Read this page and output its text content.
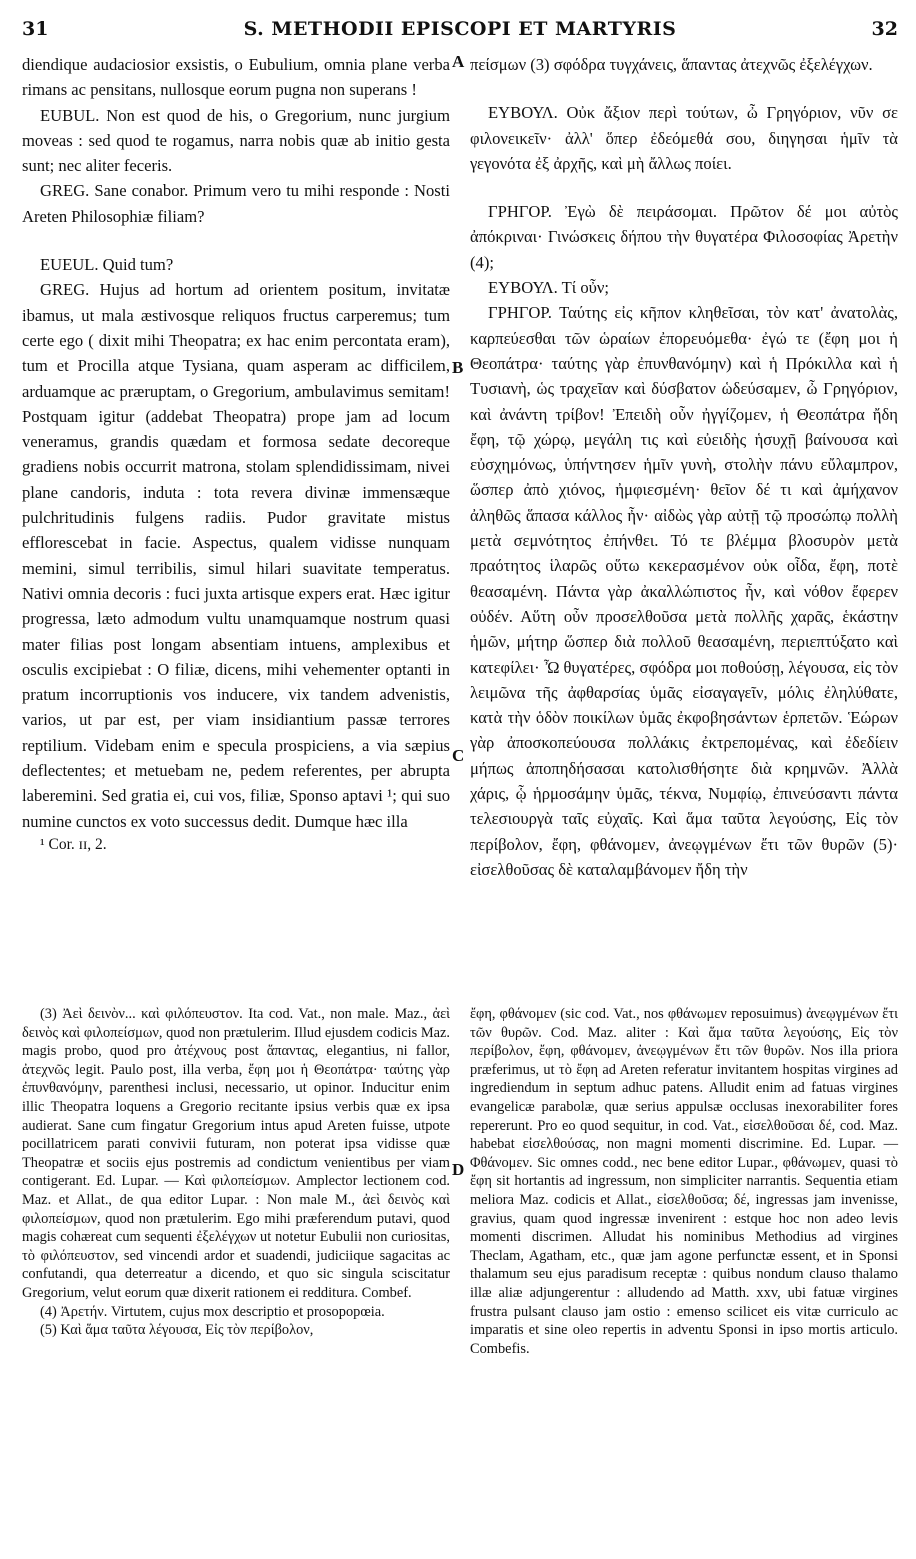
31	S. METHODII EPISCOPI ET MARTYRIS	32

diendique audaciosior exsistis, o Eubulium, omnia plane verba rimans ac pensitans, nullosque eorum pugna non superans !

EUBUL. Non est quod de his, o Gregorium, nunc jurgium moveas : sed quod te rogamus, narra nobis quæ ab initio gesta sunt; nec aliter feceris.

GREG. Sane conabor. Primum vero tu mihi responde : Nosti Areten Philosophiæ filiam?

EUEUL. Quid tum?

GREG. Hujus ad hortum ad orientem positum, invitatæ ibamus, ut mala æstivosque reliquos fructus carperemus; tum certe ego ( dixit mihi Theopatra; ex hac enim percontata eram), tum et Procilla atque Tysiana, quam asperam ac difficilem, arduamque ac præruptam, o Gregorium, ambulavimus semitam! Postquam igitur (addebat Theopatra) prope jam ad locum veneramus, grandis quædam et formosa sedate decoreque gradiens nobis occurrit matrona, stolam splendidissimam, nivei plane candoris, induta : tota revera divinæ immensæque pulchritudinis fulgens radiis. Pudor gravitate mistus efflorescebat in facie. Aspectus, qualem vidisse nunquam memini, simul terribilis, simul hilari suavitate temperatus. Nativi omnia decoris : fuci juxta artisque expers erat. Hæc igitur progressa, læto admodum vultu unamquamque nostrum quasi mater filias post longam absentiam intuens, amplexibus et osculis excipiebat : O filiæ, dicens, mihi vehementer optanti in pratum incorruptionis vos inducere, vix tandem advenistis, varios, ut par est, per viam insidiantium passæ terrores reptilium. Videbam enim e specula prospiciens, ⁠a via sæpius deflectentes; et metuebam ne, pedem referentes, per abrupta laberemini. Sed gratia ei, cui vos, filiæ, Sponso aptavi ¹; qui suo numine cunctos ex voto successus dedit. Dumque hæc illa

¹ Cor. ɪɪ, 2.

πείσμων (3) σφόδρα τυγχάνεις, ἅπαντας ἀτεχνῶς ἐξελέγχων.

ΕΥΒΟΥΛ. Οὐκ ἄξιον περὶ τούτων, ὦ Γρηγόριον, νῦν σε φιλονεικεῖν· ἀλλ' ὅπερ ἐδεόμεθά σου, διηγησαι ἡμῖν τὰ γεγονότα ἐξ ἀρχῆς, καὶ μὴ ἄλλως ποίει.

ΓΡΗΓΟΡ. Ἐγὼ δὲ πειράσομαι. Πρῶτον δέ μοι αὐτὸς ἀπόκριναι· Γινώσκεις δήπου τὴν θυγατέρα Φιλοσοφίας Ἀρετὴν (4);

ΕΥΒΟΥΛ. Τί οὖν;

ΓΡΗΓΟΡ. Ταύτης εἰς κῆπον κληθεῖσαι, τὸν κατ' ἀνατολὰς, καρπεύεσθαι τῶν ὡραίων ἐπορευόμεθα· ἐγώ τε (ἔφη μοι ἡ Θεοπάτρα· ταύτης γὰρ ἐπυνθανόμην) καὶ ἡ Πρόκιλλα καὶ ἡ Τυσιανὴ, ὡς τραχεῖαν καὶ δύσβατον ὡδεύσαμεν, ὦ Γρηγόριον, καὶ ἀνάντη τρίβον! Ἐπειδὴ οὖν ἠγγίζομεν, ἡ Θεοπάτρα ἤδη ἔφη, τῷ χώρῳ, μεγάλη τις καὶ εὐειδὴς ἡσυχῇ βαίνουσα καὶ εὐσχημόνως, ὑπήντησεν ἡμῖν γυνὴ, στολὴν πάνυ εὔλαμπρον, ὥσπερ ἀπὸ χιόνος, ἠμφιεσμένη· θεῖον δέ τι καὶ ἀμήχανον ἀληθῶς ἅπασα κάλλος ἦν· αἰδὼς γὰρ αὐτῇ τῷ προσώπῳ πολλὴ μετὰ σεμνότητος ἐπήνθει. Τό τε βλέμμα βλοσυρὸν μετὰ πραότητος ἱλαρῶς οὕτω κεκερασμένον οὐκ οἶδα, ἔφη, ποτὲ θεασαμένη. Πάντα γὰρ ἀκαλλώπιστος ἦν, καὶ νόθον ἔφερεν οὐδέν. Αὕτη οὖν προσελθοῦσα μετὰ πολλῆς χαρᾶς, ἑκάστην ἡμῶν, μήτηρ ὥσπερ διὰ πολλοῦ θεασαμένη, περιεπτύξατο καὶ κατεφίλει· Ὦ θυγατέρες, σφόδρα μοι ποθούσῃ, λέγουσα, εἰς τὸν λειμῶνα τῆς ἀφθαρσίας ὑμᾶς εἰσαγαγεῖν, μόλις ἐληλύθατε, κατὰ τὴν ὁδὸν ποικίλων ὑμᾶς ἐκφοβησάντων ἑρπετῶν. Ἑώρων γὰρ ἀποσκοπεύουσα πολλάκις ἐκτρεπομένας, καὶ ἐδεδίειν μήπως ἀποπηδήσασαι κατολισθήσητε διὰ κρημνῶν. Ἀλλὰ χάρις, ᾧ ἡρμοσάμην ὑμᾶς, τέκνα, Νυμφίῳ, ἐπινεύσαντι πάντα τελεσιουργὰ ταῖς εὐχαῖς. Καὶ ἅμα ταῦτα λεγούσης, Εἰς τὸν περίβολον, ἔφη, φθάνομεν, ἀνεῳγμένων ἔτι τῶν θυρῶν (5)· εἰσελθοῦσας δὲ καταλαμβάνομεν ἤδη τὴν

(3) Ἀεὶ δεινὸν... καὶ φιλόπευστον. Ita cod. Vat., non male. Maz., ἀεὶ δεινὸς καὶ φιλοπείσμων, quod non prætulerim. Illud ejusdem codicis Maz. magis probo, quod pro ἀτέχνους post ἅπαντας, elegantius, ni fallor, ἀτεχνῶς legit. Paulo post, illa verba, ἔφη μοι ἡ Θεοπάτρα· ταύτης γὰρ ἐπυνθανόμην, parenthesi inclusi, necessario, ut opinor. Inducitur enim illic Theopatra loquens a Gregorio recitante ipsius verbis quæ ex ipsa audierat. Sane cum fingatur Gregorium intus apud Areten fuisse, utpote pocillatricem parati convivii futuram, non poterat ipsa vidisse quæ Theopatræ et sociis ejus postremis ad condictum venientibus per viam contigerant. Ed. Lupar. — Καὶ φιλοπείσμων. Amplector lectionem cod. Maz. et Allat., de qua editor Lupar. : Non male M., ἀεὶ δεινὸς καὶ φιλοπείσμων, quod non prætulerim. Ego mihi præferendum putavi, quod magis cohæreat cum sequenti ἐξελέγχων ut notetur Eubulii non curiositas, τὸ φιλόπευστον, sed vincendi ardor et suadendi, judiciique sagacitas ac confutandi, qua deterreatur a dicendo, et quo sic singula sciscitatur Gregorium, velut eorum quæ dixerit rationem ei redditura. Combef.

(4) Ἀρετήν. Virtutem, cujus mox descriptio et prosopopœia.

(5) Καὶ ἅμα ταῦτα λέγουσα, Εἰς τὸν περίβολον,

ἔφη, φθάνομεν (sic cod. Vat., nos φθάνωμεν reposuimus) ἀνεῳγμένων ἔτι τῶν θυρῶν. Cod. Maz. aliter : Καὶ ἅμα ταῦτα λεγούσης, Εἰς τὸν περίβολον, ἔφη, φθάνομεν, ἀνεῳγμένων ἔτι τῶν θυρῶν. Nos illa priora præferimus, ut τὸ ἔφη ad Areten referatur invitantem hospitas virgines ad ingrediendum in septum adhuc patens. Alludit enim ad fatuas virgines evangelicæ parabolæ, quæ serius appulsæ occlusas inexorabiliter fores repererunt. Pro eo quod sequitur, in cod. Vat., εἰσελθοῦσαι δέ, cod. Maz. habebat εἰσελθούσας, non magni momenti discrimine. Ed. Lupar. — Φθάνομεν. Sic omnes codd., nec bene editor Lupar., φθάνωμεν, quasi τὸ ἔφη sit hortantis ad ingressum, non simpliciter narrantis. Sequentia etiam meliora Maz. codicis et Allat., εἰσελθοῦσα; δέ, ingressas jam invenisse, gravius, quam quod ingressæ invenirent : estque hoc non adeo levis momenti discrimen. Alludat his nominibus Methodius ad virgines Theclam, Agatham, etc., quæ jam agone perfunctæ essent, et in Sponsi thalamum seu ejus paradisum receptæ : quibus nondum clauso thalamo illæ aliæ adjungerentur : alludendo ad Matth. xxv, ubi fatuæ virgines frustra pulsant clauso jam ostio : emenso scilicet eis vitæ curriculo ac imparatis et sine oleo repertis in adventu Sponsi in ipso mortis articulo. Combefis.

A
B
C
D
